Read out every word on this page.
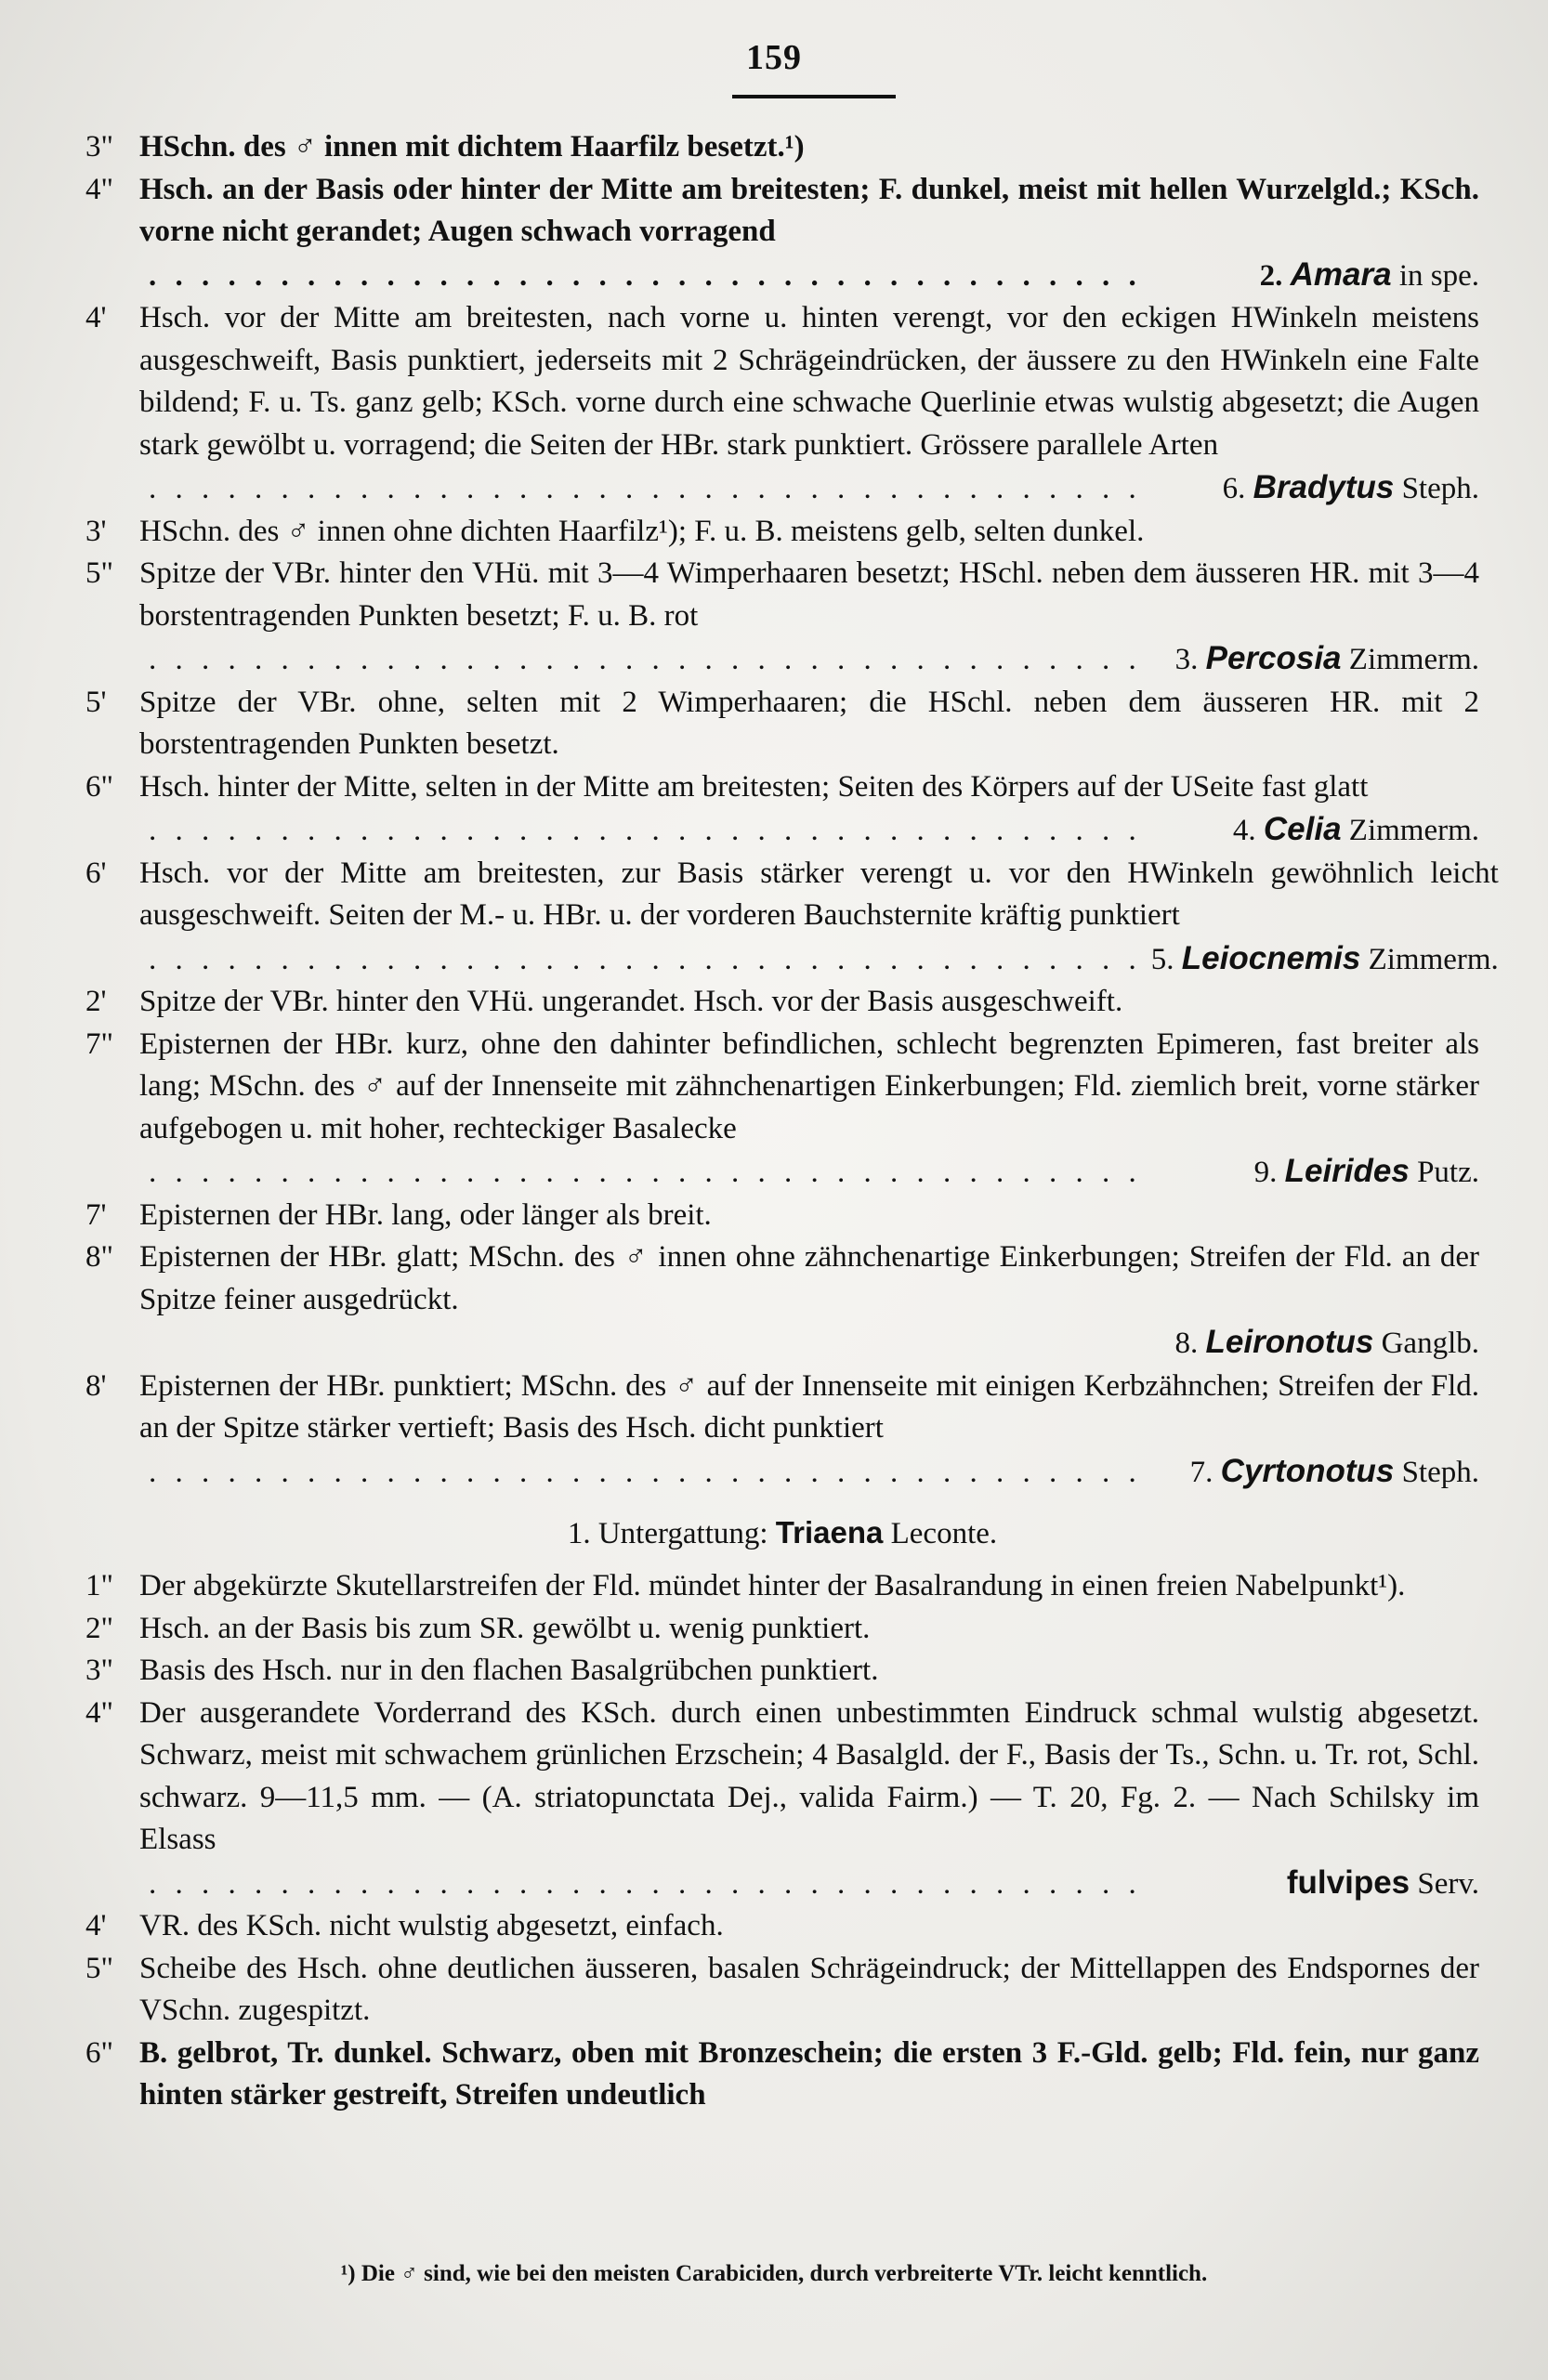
159
3" HSchn. des ♂ innen mit dichtem Haarfilz besetzt.¹)
4" Hsch. an der Basis oder hinter der Mitte am breitesten; F. dunkel, meist mit hellen Wurzelgld.; KSch. vorne nicht gerandet; Augen schwach vorragend
. . . . . . . . . . . . . . . . . . . . . . . . . . . . . . . . . . . . . .	2. Amara in spe.
4'	Hsch. vor der Mitte am breitesten, nach vorne u. hinten verengt, vor den eckigen HWinkeln meistens ausgeschweift, Basis punktiert, jederseits mit 2 Schrägeindrücken, der äussere zu den HWinkeln eine Falte bildend; F. u. Ts. ganz gelb; KSch. vorne durch eine schwache Querlinie etwas wulstig abgesetzt; die Augen stark gewölbt u. vorragend; die Seiten der HBr. stark punktiert. Grössere parallele Arten
. . . . . . . . . . . . . . . . . . . . . . . . . . . . . . . . . . . . . .	6. Bradytus Steph.
3'	HSchn. des ♂ innen ohne dichten Haarfilz¹); F. u. B. meistens gelb, selten dunkel.
5" Spitze der VBr. hinter den VHü. mit 3—4 Wimperhaaren besetzt; HSchl. neben dem äusseren HR. mit 3—4 borstentragenden Punkten besetzt; F. u. B. rot
. . . . . . . . . . . . . . . . . . . . . . . . . . . . . . . . . . . . . .	3. Percosia Zimmerm.
5'	Spitze der VBr. ohne, selten mit 2 Wimperhaaren; die HSchl. neben dem äusseren HR. mit 2 borstentragenden Punkten besetzt.
6" Hsch. hinter der Mitte, selten in der Mitte am breitesten; Seiten des Körpers auf der USeite fast glatt
. . . . . . . . . . . . . . . . . . . . . . . . . . . . . . . . . . . . . .	4. Celia Zimmerm.
6'	Hsch. vor der Mitte am breitesten, zur Basis stärker verengt u. vor den HWinkeln gewöhnlich leicht ausgeschweift. Seiten der M.- u. HBr. u. der vorderen Bauchsternite kräftig punktiert
. . . . . . . . . . . . . . . . . . . . . . . . . . . . . . . . . . . . . . 5. Leiocnemis Zimmerm.
2'	Spitze der VBr. hinter den VHü. ungerandet. Hsch. vor der Basis ausgeschweift.
7" Episternen der HBr. kurz, ohne den dahinter befindlichen, schlecht begrenzten Epimeren, fast breiter als lang; MSchn. des ♂ auf der Innenseite mit zähnchenartigen Einkerbungen; Fld. ziemlich breit, vorne stärker aufgebogen u. mit hoher, rechteckiger Basalecke
. . . . . . . . . . . . . . . . . . . . . . . . . . . . . . . . . . . . . .	9. Leirides Putz.
7'	Episternen der HBr. lang, oder länger als breit.
8" Episternen der HBr. glatt; MSchn. des ♂ innen ohne zähnchenartige Einkerbungen; Streifen der Fld. an der Spitze feiner ausgedrückt.
8. Leironotus Ganglb.
8'	Episternen der HBr. punktiert; MSchn. des ♂ auf der Innenseite mit einigen Kerbzähnchen; Streifen der Fld. an der Spitze stärker vertieft; Basis des Hsch. dicht punktiert
. . . . . . . . . . . . . . . . . . . . . . . . . . . . . . . . . . . . . .	7. Cyrtonotus Steph.
1. Untergattung: Triaena Leconte.
1" Der abgekürzte Skutellarstreifen der Fld. mündet hinter der Basalrandung in einen freien Nabelpunkt¹).
2" Hsch. an der Basis bis zum SR. gewölbt u. wenig punktiert.
3" Basis des Hsch. nur in den flachen Basalgrübchen punktiert.
4" Der ausgerandete Vorderrand des KSch. durch einen unbestimmten Eindruck schmal wulstig abgesetzt. Schwarz, meist mit schwachem grünlichen Erzschein; 4 Basalgld. der F., Basis der Ts., Schn. u. Tr. rot, Schl. schwarz. 9—11,5 mm. — (A. striatopunctata Dej., valida Fairm.) — T. 20, Fg. 2. — Nach Schilsky im Elsass
. . . . . . . . . . . . . . . . . . . . . . . . . . . . . . . . . . . . . .	fulvipes Serv.
4'	VR. des KSch. nicht wulstig abgesetzt, einfach.
5" Scheibe des Hsch. ohne deutlichen äusseren, basalen Schrägeindruck; der Mittellappen des Endspornes der VSchn. zugespitzt.
6" B. gelbrot, Tr. dunkel. Schwarz, oben mit Bronzeschein; die ersten 3 F.-Gld. gelb; Fld. fein, nur ganz hinten stärker gestreift, Streifen undeutlich
¹) Die ♂ sind, wie bei den meisten Carabiciden, durch verbreiterte VTr. leicht kenntlich.
